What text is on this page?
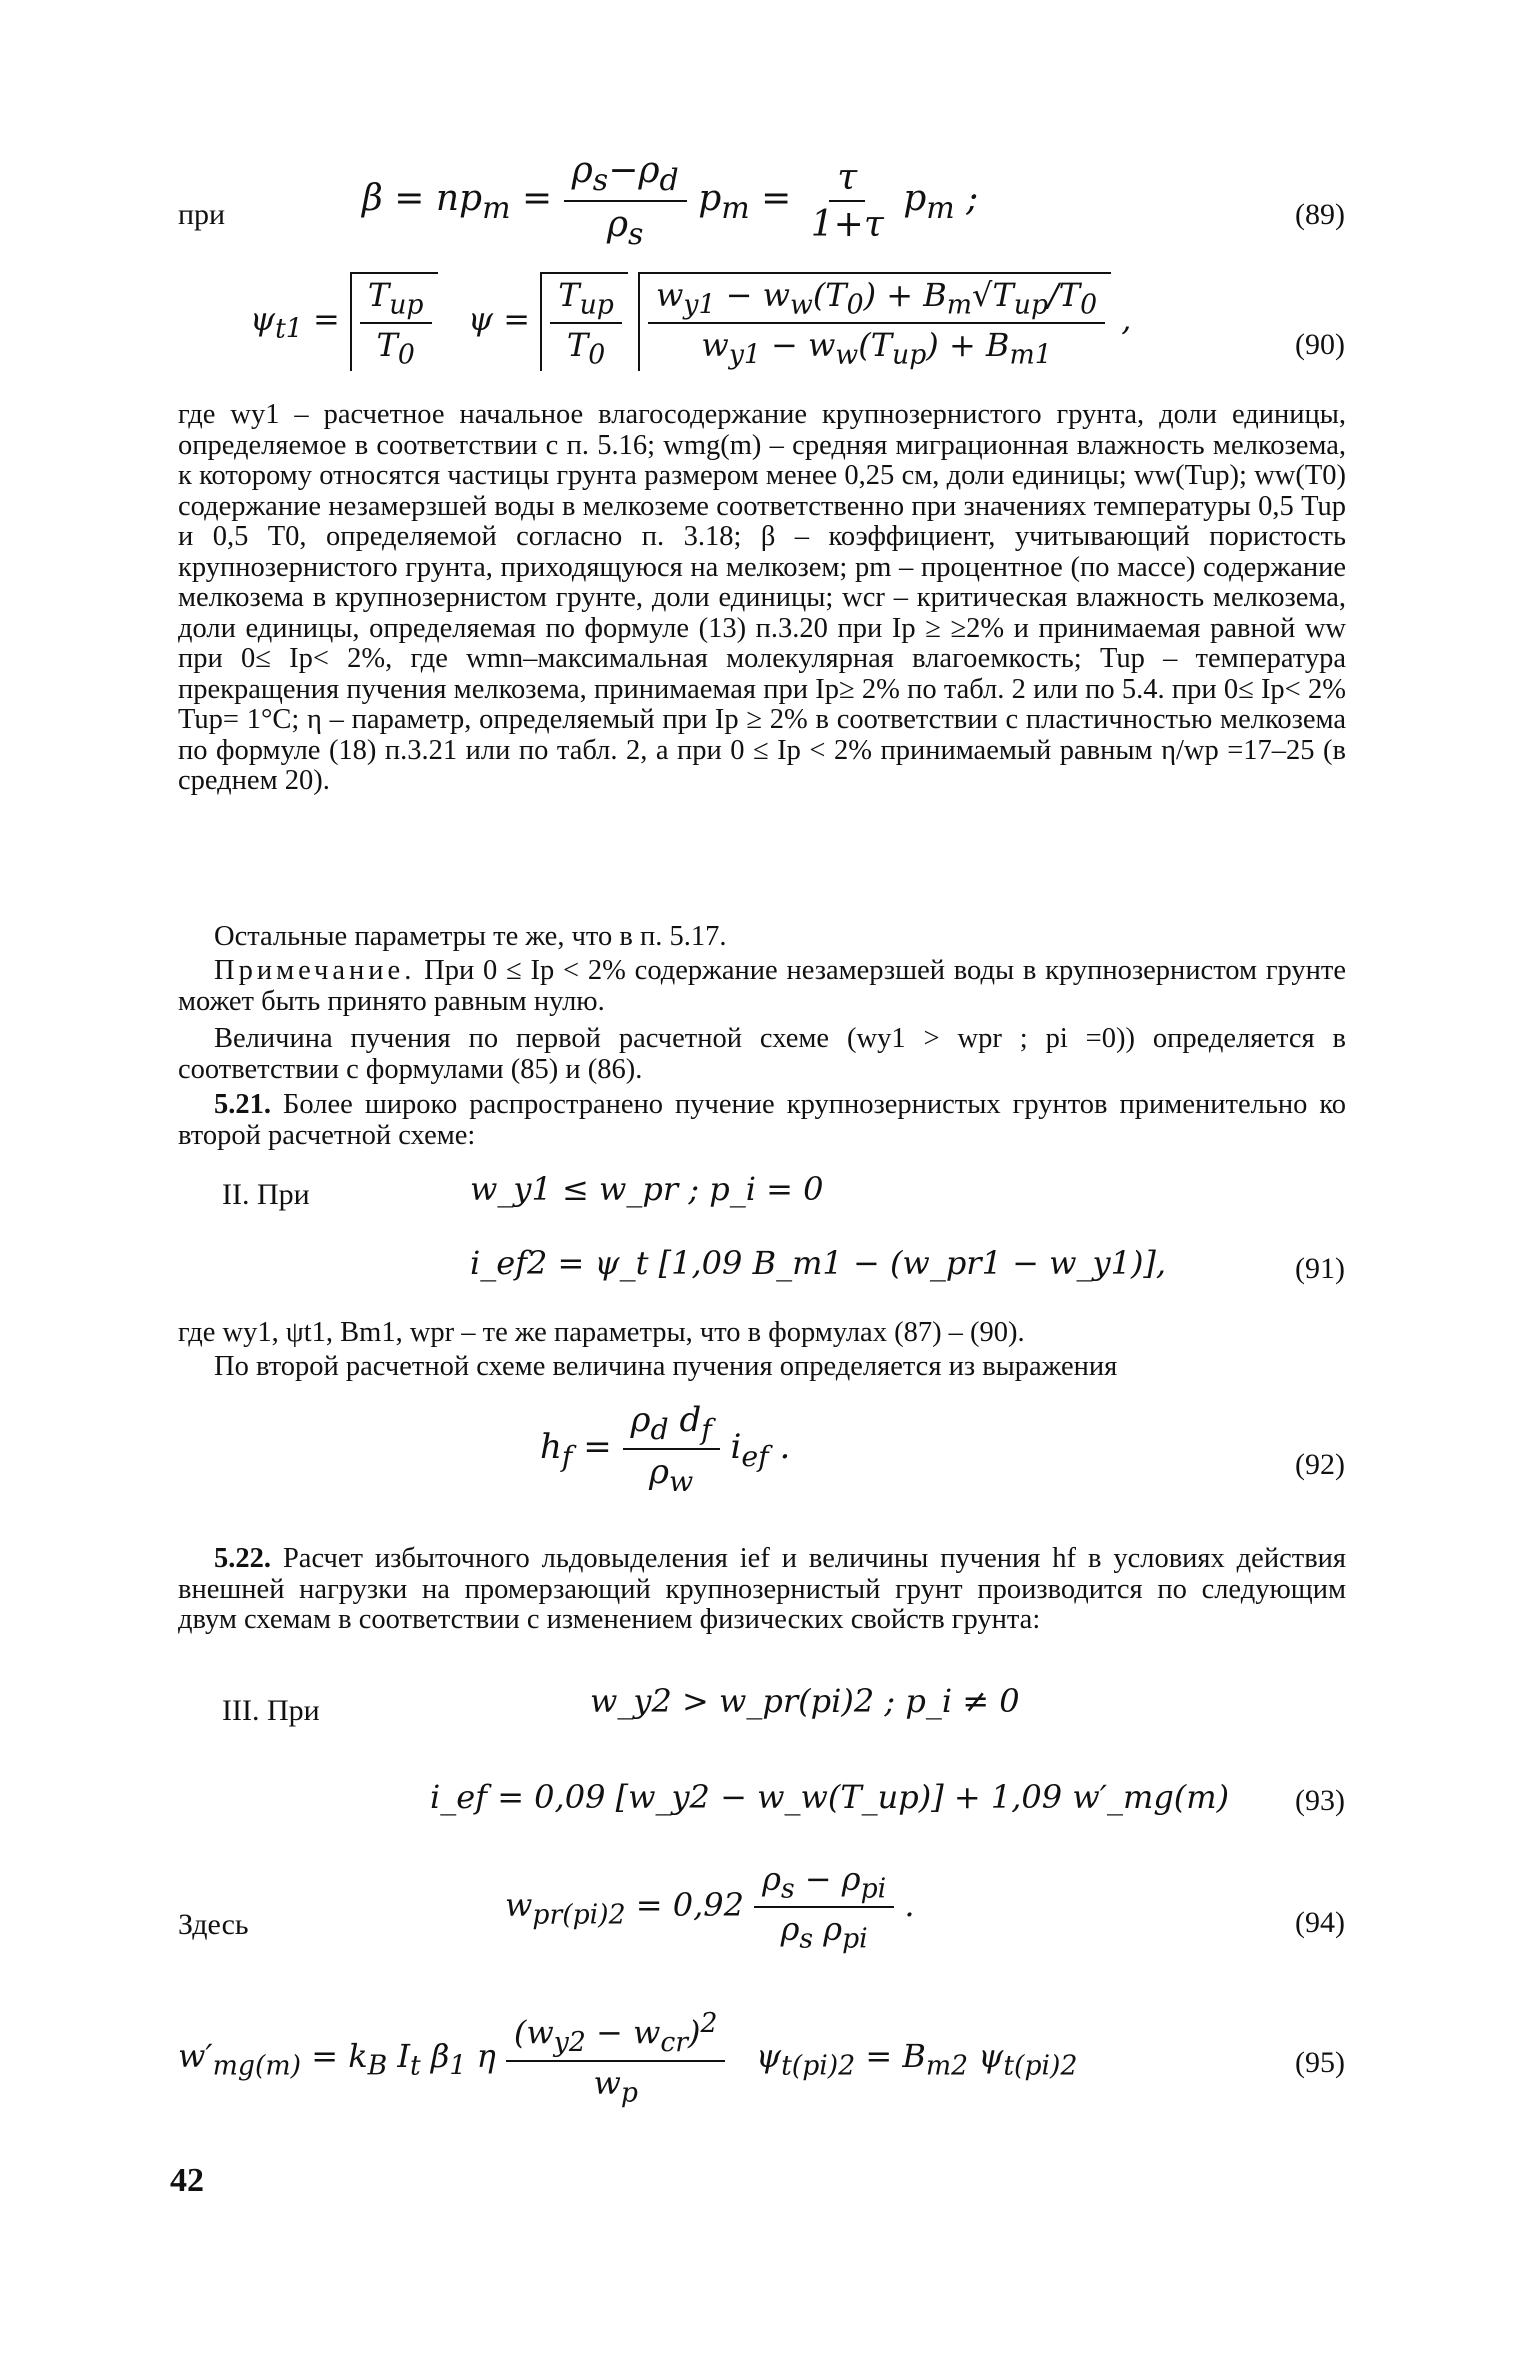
при	$\beta = np_m = \frac{\rho_s-\rho_d}{\rho_s} p_m = \frac{\tau}{1+\tau} p_m$ ;	(89)
$\psi_{t1} = \frac{T_{up}}{T_0}$ $\psi = \frac{T_{up}}{T_0}$
$\frac{w_{y1} - w_w(T_0) + B_m√T_{up}/T_0}{w_{y1} - w_w(T_{up}) + B_{m1}}$ ,
(90)
где wy1 – расчетное начальное влагосодержание крупнозернистого грунта, доли единицы, определяемое в соответствии с п. 5.16; wmg(m) – средняя миграционная влажность мелкозема, к которому относятся частицы грунта размером менее 0,25 см, доли единицы; ww(Tup); ww(T0) содержание незамерзшей воды в мелкоземе соответственно при значениях температуры 0,5 Tup и 0,5 T0, определяемой согласно п. 3.18; β – коэффициент, учитывающий пористость крупнозернистого грунта, приходящуюся на мелкозем; pm – процентное (по массе) содержание мелкозема в крупнозернистом грунте, доли единицы; wcr – критическая влажность мелкозема, доли единицы, определяемая по формуле (13) п.3.20 при Ip ≥ ≥2% и принимаемая равной ww при 0≤ Ip< 2%, где wmn–максимальная молекулярная влагоемкость; Tup – температура прекращения пучения мелкозема, принимаемая при Ip≥ 2% по табл. 2 или по 5.4. при 0≤ Ip< 2% Tup= 1°C; η – параметр, определяемый при Ip ≥ 2% в соответствии с пластичностью мелкозема по формуле (18) п.3.21 или по табл. 2, а при 0 ≤ Ip < 2% принимаемый равным η/wp =17–25 (в среднем 20).
Остальные параметры те же, что в п. 5.17.
Примечание. При 0 ≤ Ip < 2% содержание незамерзшей воды в крупнозернистом грунте может быть принято равным нулю.
Величина пучения по первой расчетной схеме (wy1 > wpr ; pi =0)) определяется в соответствии с формулами (85) и (86).
5.21. Более широко распространено пучение крупнозернистых грунтов применительно ко второй расчетной схеме:
II. При	w_y1 ≤ w_pr ; p_i = 0
i_ef2 = ψ_t [1,09 B_m1 − (w_pr1 − w_y1)],	(91)
где wy1, ψt1, Bm1, wpr – те же параметры, что в формулах (87) – (90).
По второй расчетной схеме величина пучения определяется из выражения
$h_f = \frac{\rho_d d_f}{\rho_w} i_{ef}$ .	(92)
5.22. Расчет избыточного льдовыделения ief и величины пучения hf в условиях действия внешней нагрузки на промерзающий крупнозернистый грунт производится по следующим двум схемам в соответствии с изменением физических свойств грунта:
III. При	w_y2 > w_pr(pi)2 ; p_i ≠ 0
i_ef = 0,09 [w_y2 − w_w(T_up)] + 1,09 w′_mg(m) (93)
Здесь
$w_{pr(pi)2} = 0,92 \frac{\rho_s - \rho_{pi}}{\rho_s \rho_{pi}}$ .	(94)
$w'_{mg(m)} = k_B$ $I_t$ $\beta_1$ η $\frac{(w_{y2} - w_{cr})^2}{w_p} \psi_{t(pi)2} = B_{m2}$ $\psi_{t(pi)2}$	(95)
42
